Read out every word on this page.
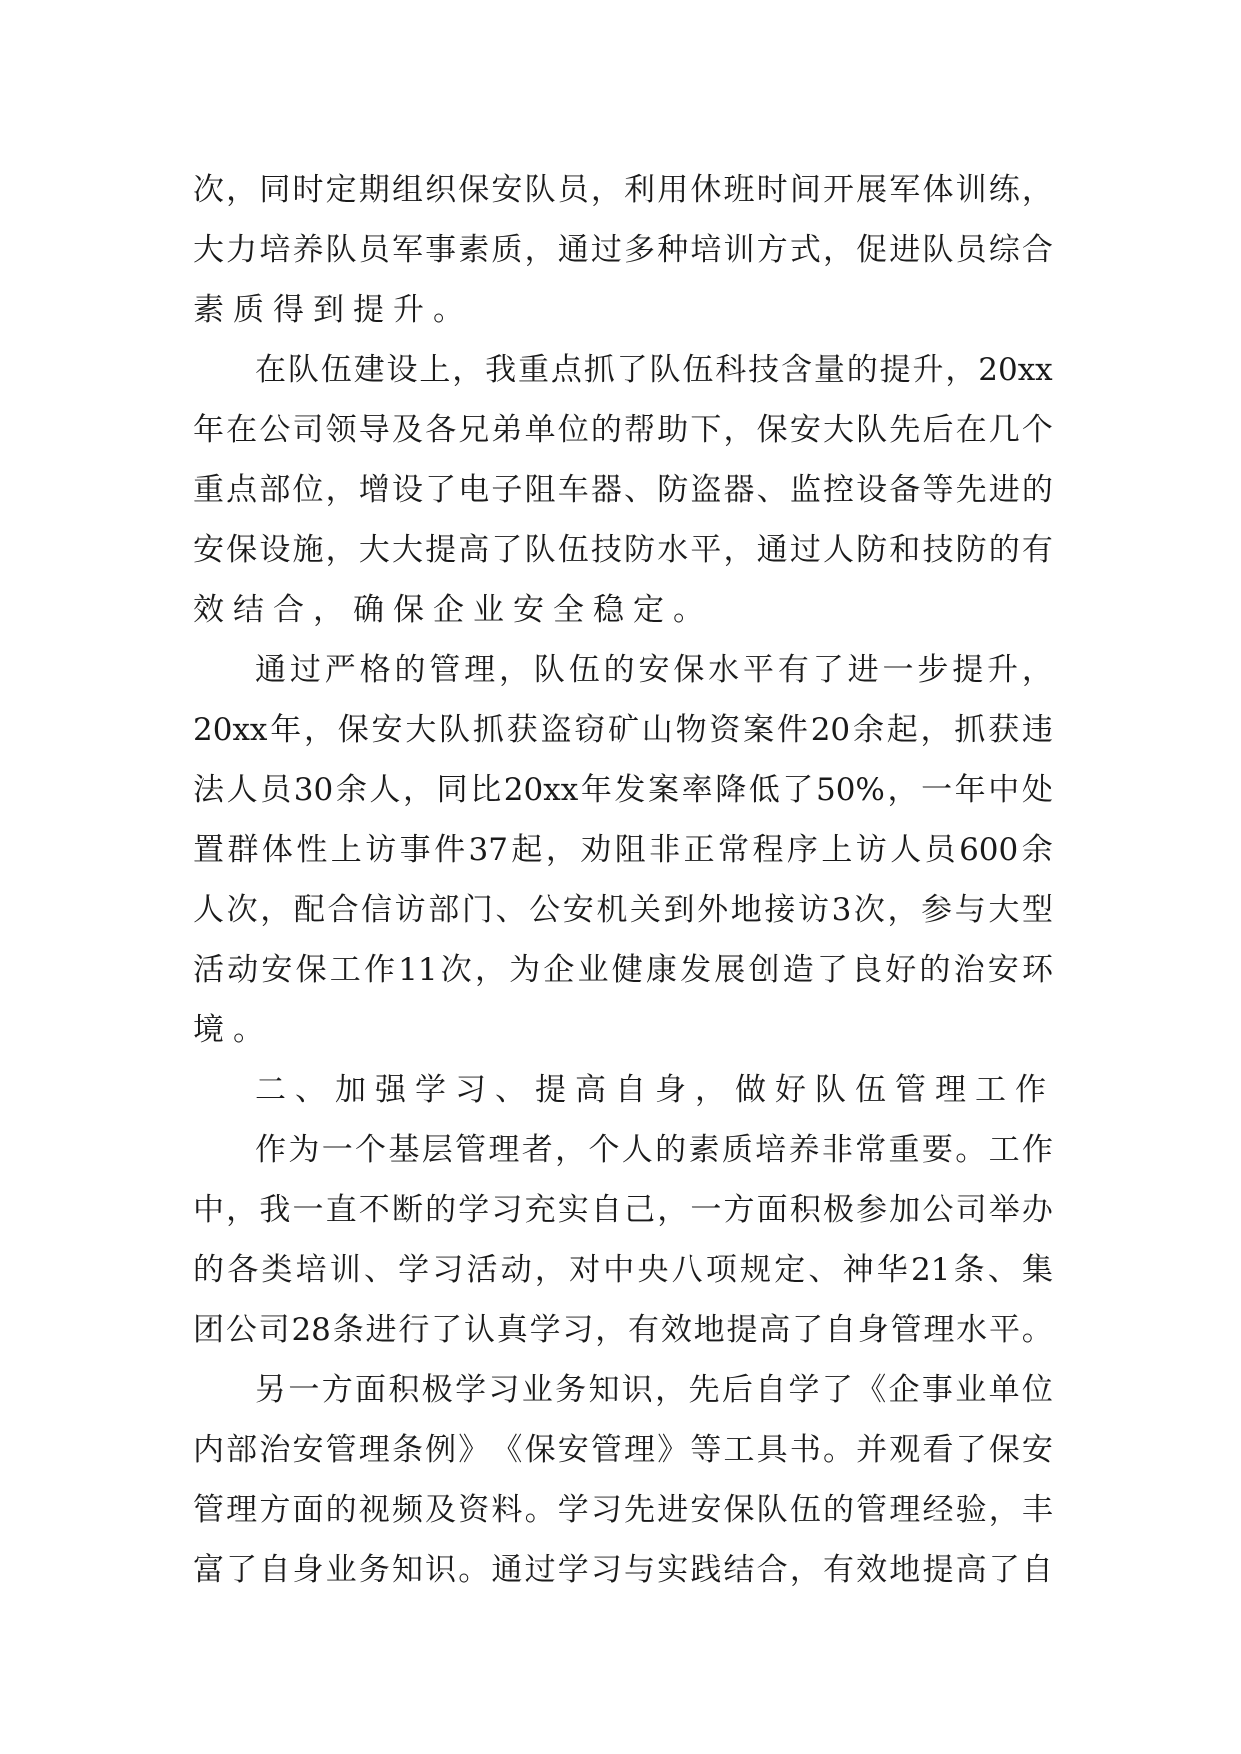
次 ， 同 时 定 期 组 织 保 安 队 员 ， 利 用 休 班 时 间 开 展 军 体 训 练 ，
大 力 培 养 队 员 军 事 素 质 ， 通 过 多 种 培 训 方 式 ， 促 进 队 员 综 合
素质得到提升。
在 队 伍 建 设 上 ， 我 重 点 抓 了 队 伍 科 技 含 量 的 提 升 ， 20xx
年 在 公 司 领 导 及 各 兄 弟 单 位 的 帮 助 下 ， 保 安 大 队 先 后 在 几 个
重 点 部 位 ， 增 设 了 电 子 阻 车 器 、 防 盗 器 、 监 控 设 备 等 先 进 的
安 保 设 施 ， 大 大 提 高 了 队 伍 技 防 水 平 ， 通 过 人 防 和 技 防 的 有
效结合，确保企业安全稳定。
通 过 严 格 的 管 理 ， 队 伍 的 安 保 水 平 有 了 进 一 步 提 升 ，
20xx 年 ， 保 安 大 队 抓 获 盗 窃 矿 山 物 资 案 件 20 余 起 ， 抓 获 违
法 人 员 30 余 人 ， 同 比 20xx 年 发 案 率 降 低 了 50% ， 一 年 中 处
置 群 体 性 上 访 事 件 37 起 ， 劝 阻 非 正 常 程 序 上 访 人 员 600 余
人 次 ， 配 合 信 访 部 门 、 公 安 机 关 到 外 地 接 访 3 次 ， 参 与 大 型
活 动 安 保 工 作 11 次 ， 为 企 业 健 康 发 展 创 造 了 良 好 的 治 安 环
境。
二、加强学习、提高自身，做好队伍管理工作
作 为 一 个 基 层 管 理 者 ， 个 人 的 素 质 培 养 非 常 重 要 。 工 作
中 ， 我 一 直 不 断 的 学 习 充 实 自 己 ， 一 方 面 积 极 参 加 公 司 举 办
的 各 类 培 训 、 学 习 活 动 ， 对 中 央 八 项 规 定 、 神 华 21 条 、 集
团 公 司 28 条 进 行 了 认 真 学 习 ， 有 效 地 提 高 了 自 身 管 理 水 平 。
另 一 方 面 积 极 学 习 业 务 知 识 ， 先 后 自 学 了 《 企 事 业 单 位
内 部 治 安 管 理 条 例 》 《 保 安 管 理 》 等 工 具 书 。 并 观 看 了 保 安
管 理 方 面 的 视 频 及 资 料 。 学 习 先 进 安 保 队 伍 的 管 理 经 验 ， 丰
富 了 自 身 业 务 知 识 。 通 过 学 习 与 实 践 结 合 ， 有 效 地 提 高 了 自
